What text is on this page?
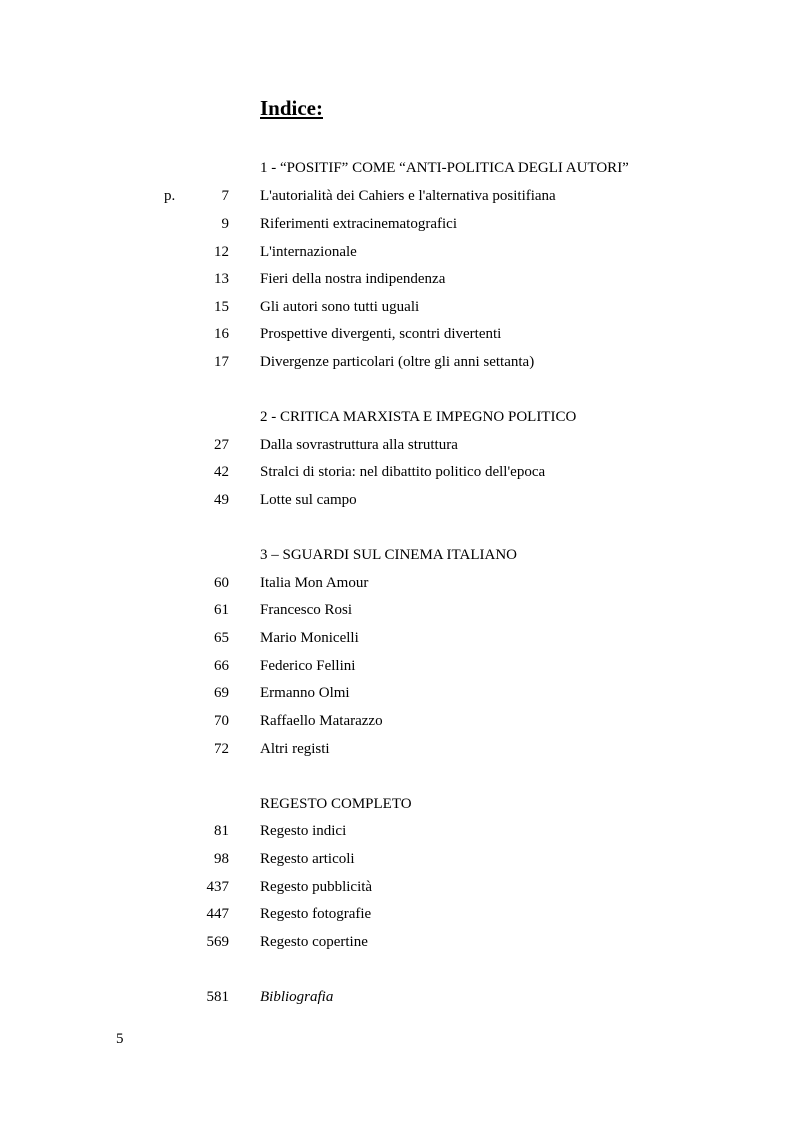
Indice:
1 - “POSITIF” COME “ANTI-POLITICA DEGLI AUTORI”
p.	7 L'autorialità dei Cahiers e l'alternativa positifiana
9 Riferimenti extracinematografici
12 L'internazionale
13 Fieri della nostra indipendenza
15 Gli autori sono tutti uguali
16 Prospettive divergenti, scontri divertenti
17 Divergenze particolari (oltre gli anni settanta)
2 - CRITICA MARXISTA E IMPEGNO POLITICO
27 Dalla sovrastruttura alla struttura
42 Stralci di storia: nel dibattito politico dell'epoca
49 Lotte sul campo
3 – SGUARDI SUL CINEMA ITALIANO
60 Italia Mon Amour
61 Francesco Rosi
65 Mario Monicelli
66 Federico Fellini
69 Ermanno Olmi
70 Raffaello Matarazzo
72 Altri registi
REGESTO COMPLETO
81 Regesto indici
98 Regesto articoli
437 Regesto pubblicità
447 Regesto fotografie
569 Regesto copertine
581 Bibliografia
5
